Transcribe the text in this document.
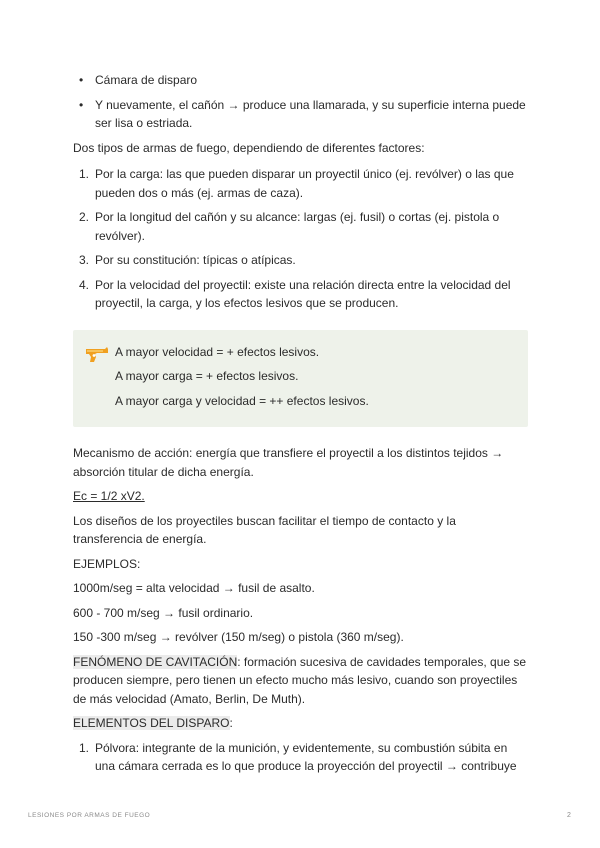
• Cámara de disparo
• Y nuevamente, el cañón → produce una llamarada, y su superficie interna puede ser lisa o estriada.

Dos tipos de armas de fuego, dependiendo de diferentes factores:

1. Por la carga: las que pueden disparar un proyectil único (ej. revólver) o las que pueden dos o más (ej. armas de caza).
2. Por la longitud del cañón y su alcance: largas (ej. fusil) o cortas (ej. pistola o revólver).
3. Por su constitución: típicas o atípicas.
4. Por la velocidad del proyectil: existe una relación directa entre la velocidad del proyectil, la carga, y los efectos lesivos que se producen.

A mayor velocidad = + efectos lesivos.

A mayor carga = + efectos lesivos.

A mayor carga y velocidad = ++ efectos lesivos.

Mecanismo de acción: energía que transfiere el proyectil a los distintos tejidos → absorción titular de dicha energía.

Ec = 1/2 xV2.

Los diseños de los proyectiles buscan facilitar el tiempo de contacto y la transferencia de energía.

EJEMPLOS:

1000m/seg = alta velocidad → fusil de asalto.

600 - 700 m/seg → fusil ordinario.

150 -300 m/seg → revólver (150 m/seg) o pistola (360 m/seg).

FENÓMENO DE CAVITACIÓN: formación sucesiva de cavidades temporales, que se producen siempre, pero tienen un efecto mucho más lesivo, cuando son proyectiles de más velocidad (Amato, Berlin, De Muth).

ELEMENTOS DEL DISPARO:

1. Pólvora: integrante de la munición, y evidentemente, su combustión súbita en una cámara cerrada es lo que produce la proyección del proyectil → contribuye
LESIONES POR ARMAS DE FUEGO	2
